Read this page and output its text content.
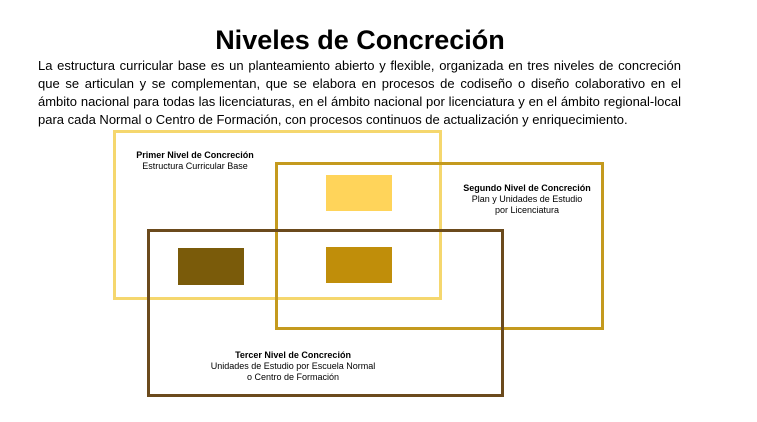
Niveles de Concreción

La estructura curricular base es un planteamiento abierto y flexible, organizada en tres niveles de concreción que se articulan y se complementan, que se elabora en procesos de codiseño o diseño colaborativo en el ámbito nacional para todas las licenciaturas, en el ámbito nacional por licenciatura y en el ámbito regional-local para cada Normal o Centro de Formación, con procesos continuos de actualización y enriquecimiento.

Primer Nivel de Concreción
Estructura Curricular Base
Segundo Nivel de Concreción
Plan y Unidades de Estudio
por Licenciatura
Tercer Nivel de Concreción
Unidades de Estudio por Escuela Normal
o Centro de Formación
